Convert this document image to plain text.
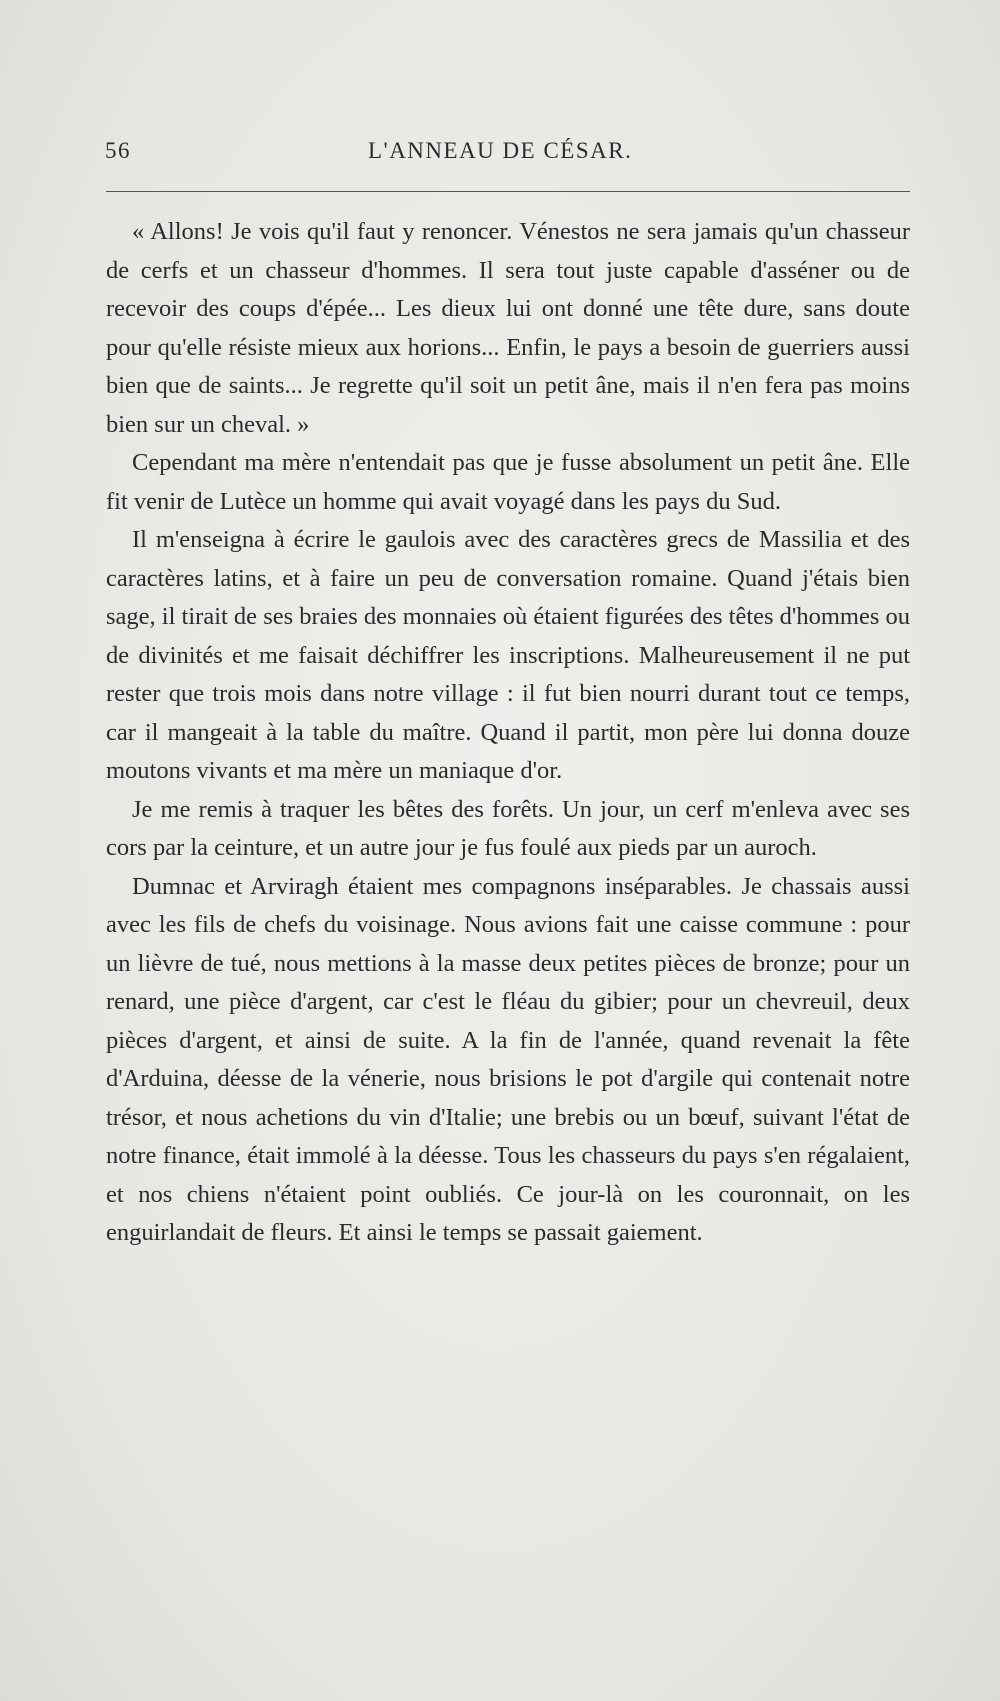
56	L'ANNEAU DE CÉSAR.

« Allons! Je vois qu'il faut y renoncer. Vénestos ne sera jamais qu'un chasseur de cerfs et un chasseur d'hommes. Il sera tout juste capable d'asséner ou de recevoir des coups d'épée... Les dieux lui ont donné une tête dure, sans doute pour qu'elle résiste mieux aux horions... Enfin, le pays a besoin de guerriers aussi bien que de saints... Je regrette qu'il soit un petit âne, mais il n'en fera pas moins bien sur un cheval. »

Cependant ma mère n'entendait pas que je fusse absolument un petit âne. Elle fit venir de Lutèce un homme qui avait voyagé dans les pays du Sud.

Il m'enseigna à écrire le gaulois avec des caractères grecs de Massilia et des caractères latins, et à faire un peu de conversation romaine. Quand j'étais bien sage, il tirait de ses braies des monnaies où étaient figurées des têtes d'hommes ou de divinités et me faisait déchiffrer les inscriptions. Malheureusement il ne put rester que trois mois dans notre village : il fut bien nourri durant tout ce temps, car il mangeait à la table du maître. Quand il partit, mon père lui donna douze moutons vivants et ma mère un maniaque d'or.

Je me remis à traquer les bêtes des forêts. Un jour, un cerf m'enleva avec ses cors par la ceinture, et un autre jour je fus foulé aux pieds par un auroch.

Dumnac et Arviragh étaient mes compagnons inséparables. Je chassais aussi avec les fils de chefs du voisinage. Nous avions fait une caisse commune : pour un lièvre de tué, nous mettions à la masse deux petites pièces de bronze; pour un renard, une pièce d'argent, car c'est le fléau du gibier; pour un chevreuil, deux pièces d'argent, et ainsi de suite. A la fin de l'année, quand revenait la fête d'Arduina, déesse de la vénerie, nous brisions le pot d'argile qui contenait notre trésor, et nous achetions du vin d'Italie; une brebis ou un bœuf, suivant l'état de notre finance, était immolé à la déesse. Tous les chasseurs du pays s'en régalaient, et nos chiens n'étaient point oubliés. Ce jour-là on les couronnait, on les enguirlandait de fleurs. Et ainsi le temps se passait gaiement.
